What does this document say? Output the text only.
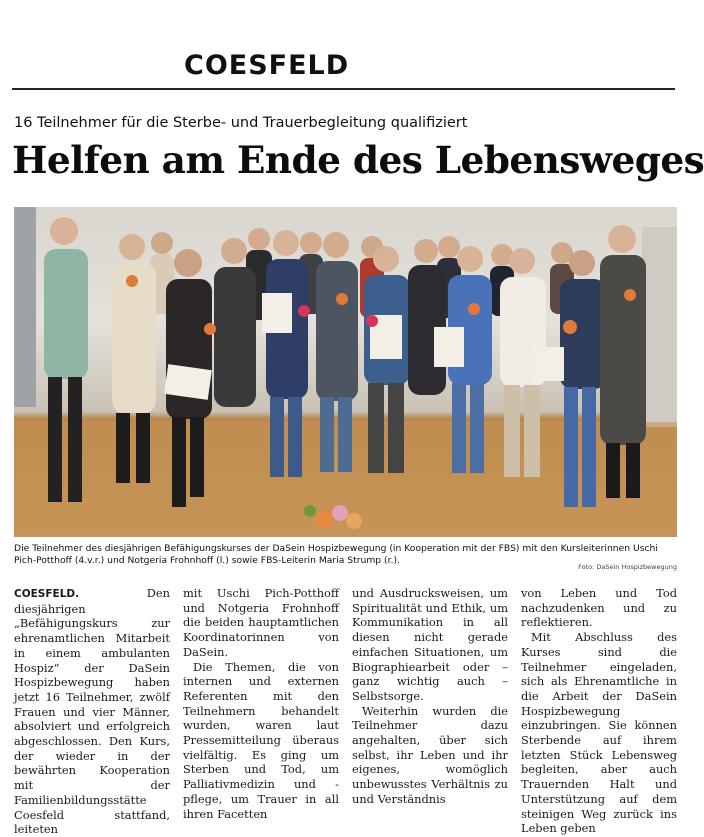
COESFELD
16 Teilnehmer für die Sterbe- und Trauerbegleitung qualifiziert
Helfen am Ende des Lebensweges
Die Teilnehmer des diesjährigen Befähigungskurses der DaSein Hospizbewegung (in Kooperation mit der FBS) mit den Kursleiterinnen Uschi Pich-Potthoff (4.v.r.) und Notgeria Frohnhoff (l.) sowie FBS-Leiterin Maria Strump (r.).
Foto: DaSein Hospizbewegung

COESFELD.	Den diesjährigen „Befähigungskurs zur ehrenamtlichen Mitarbeit in einem ambulanten Hospiz“ der DaSein Hospizbewegung haben jetzt 16 Teilnehmer, zwölf Frauen und vier Männer, absolviert und erfolgreich abgeschlossen. Den Kurs, der wieder in der bewährten Kooperation mit der Familienbildungsstätte Coesfeld stattfand, leiteten

mit Uschi Pich-Potthoff und Notgeria Frohnhoff die beiden hauptamtlichen Koordinatorinnen von DaSein.

Die Themen, die von internen und externen Referenten mit den Teilnehmern behandelt wurden, waren laut Pressemitteilung überaus vielfältig. Es ging um Sterben und Tod, um Palliativmedizin und -pflege, um Trauer in all ihren Facetten

und Ausdrucksweisen, um Spiritualität und Ethik, um Kommunikation in all diesen nicht gerade einfachen Situationen, um Biographiearbeit oder – ganz wichtig auch – Selbstsorge.

Weiterhin wurden die Teilnehmer dazu angehalten, über sich selbst, ihr Leben und ihr eigenes, womöglich unbewusstes Verhältnis zu und Verständnis

von Leben und Tod nachzudenken und zu reflektieren.

Mit Abschluss des Kurses sind die Teilnehmer eingeladen, sich als Ehrenamtliche in die Arbeit der DaSein Hospizbewegung einzubringen. Sie können Sterbende auf ihrem letzten Stück Lebensweg begleiten, aber auch Trauernden Halt und Unterstützung auf dem steinigen Weg zurück ins Leben geben
